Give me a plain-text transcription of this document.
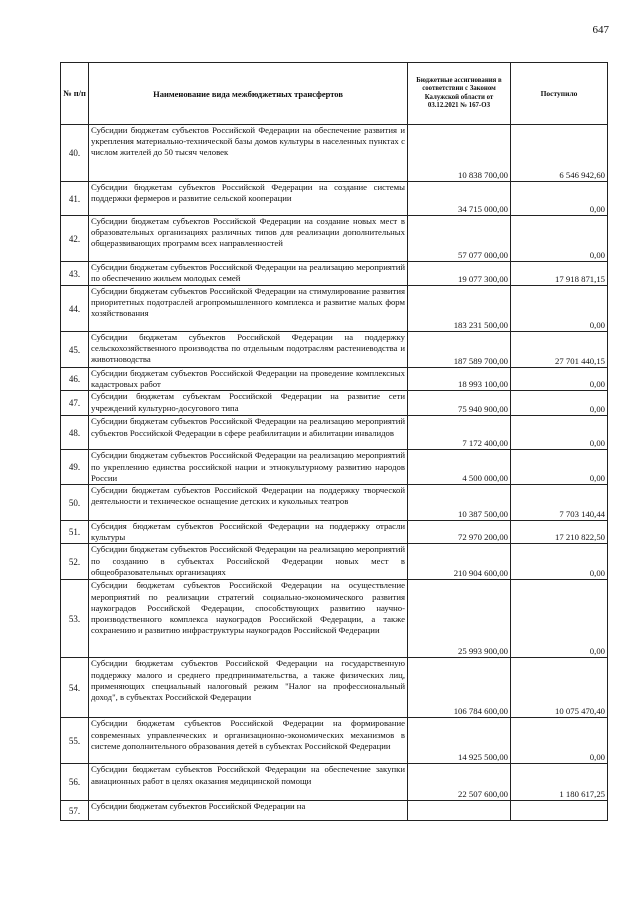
647
№ п/п	Наименование вида межбюджетных трансфертов	Бюджетные ассигнования в соответствии с Законом Калужской области от 03.12.2021 № 167-ОЗ	Поступило
40.	Субсидии бюджетам субъектов Российской Федерации на обеспечение развития и укрепления материально-технической базы домов культуры в населенных пунктах с числом жителей до 50 тысяч человек	10 838 700,00	6 546 942,60
41.	Субсидии бюджетам субъектов Российской Федерации на создание системы поддержки фермеров и развитие сельской кооперации	34 715 000,00	0,00
42.	Субсидии бюджетам субъектов Российской Федерации на создание новых мест в образовательных организациях различных типов для реализации дополнительных общеразвивающих программ всех направленностей	57 077 000,00	0,00
43.	Субсидии бюджетам субъектов Российской Федерации на реализацию мероприятий по обеспечению жильем молодых семей	19 077 300,00	17 918 871,15
44.	Субсидии бюджетам субъектов Российской Федерации на стимулирование развития приоритетных подотраслей агропромышленного комплекса и развитие малых форм хозяйствования	183 231 500,00	0,00
45.	Субсидии бюджетам субъектов Российской Федерации на поддержку сельскохозяйственного производства по отдельным подотраслям растениеводства и животноводства	187 589 700,00	27 701 440,15
46.	Субсидии бюджетам субъектов Российской Федерации на проведение комплексных кадастровых работ	18 993 100,00	0,00
47.	Субсидии бюджетам субъектам Российской Федерации на развитие сети учреждений культурно-досугового типа	75 940 900,00	0,00
48.	Субсидии бюджетам субъектов Российской Федерации на реализацию мероприятий субъектов Российской Федерации в сфере реабилитации и абилитации инвалидов	7 172 400,00	0,00
49.	Субсидии бюджетам субъектов Российской Федерации на реализацию мероприятий по укреплению единства российской нации и этнокультурному развитию народов России	4 500 000,00	0,00
50.	Субсидии бюджетам субъектов Российской Федерации на поддержку творческой деятельности и техническое оснащение детских и кукольных театров	10 387 500,00	7 703 140,44
51.	Субсидия бюджетам субъектов Российской Федерации на поддержку отрасли культуры	72 970 200,00	17 210 822,50
52.	Субсидии бюджетам субъектов Российской Федерации на реализацию мероприятий по созданию в субъектах Российской Федерации новых мест в общеобразовательных организациях	210 904 600,00	0,00
53.	Субсидии бюджетам субъектов Российской Федерации на осуществление мероприятий по реализации стратегий социально-экономического развития наукоградов Российской Федерации, способствующих развитию научно-производственного комплекса наукоградов Российской Федерации, а также сохранению и развитию инфраструктуры наукоградов Российской Федерации	25 993 900,00	0,00
54.	Субсидии бюджетам субъектов Российской Федерации на государственную поддержку малого и среднего предпринимательства, а также физических лиц, применяющих специальный налоговый режим "Налог на профессиональный доход", в субъектах Российской Федерации	106 784 600,00	10 075 470,40
55.	Субсидии бюджетам субъектов Российской Федерации на формирование современных управленческих и организационно-экономических механизмов в системе дополнительного образования детей в субъектах Российской Федерации	14 925 500,00	0,00
56.	Субсидии бюджетам субъектов Российской Федерации на обеспечение закупки авиационных работ в целях оказания медицинской помощи	22 507 600,00	1 180 617,25
57.	Субсидии бюджетам субъектов Российской Федерации на		
